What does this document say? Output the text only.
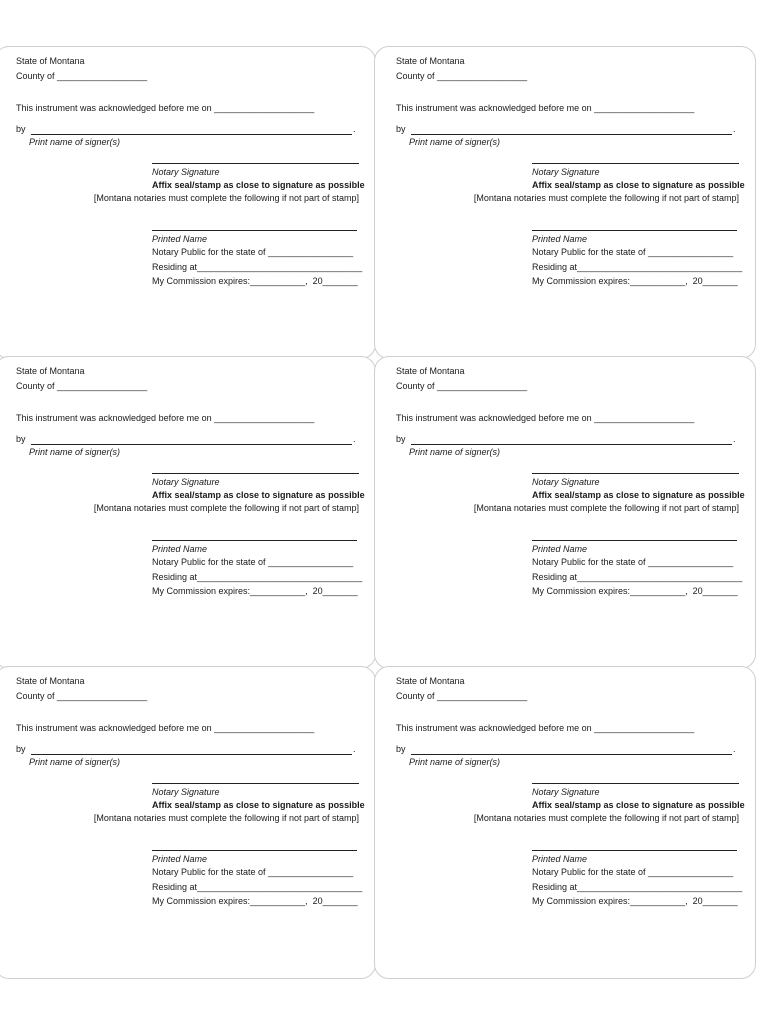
State of Montana
County of __________________
This instrument was acknowledged before me on ____________________
by	.
Print name of signer(s)
Notary Signature
Affix seal/stamp as close to signature as possible
[Montana notaries must complete the following if not part of stamp]
Printed Name
Notary Public for the state of _________________
Residing at_________________________________
My Commission expires:___________,  20_______
State of Montana
County of __________________
This instrument was acknowledged before me on ____________________
by	.
Print name of signer(s)
Notary Signature
Affix seal/stamp as close to signature as possible
[Montana notaries must complete the following if not part of stamp]
Printed Name
Notary Public for the state of _________________
Residing at_________________________________
My Commission expires:___________,  20_______
State of Montana
County of __________________
This instrument was acknowledged before me on ____________________
by	.
Print name of signer(s)
Notary Signature
Affix seal/stamp as close to signature as possible
[Montana notaries must complete the following if not part of stamp]
Printed Name
Notary Public for the state of _________________
Residing at_________________________________
My Commission expires:___________,  20_______
State of Montana
County of __________________
This instrument was acknowledged before me on ____________________
by	.
Print name of signer(s)
Notary Signature
Affix seal/stamp as close to signature as possible
[Montana notaries must complete the following if not part of stamp]
Printed Name
Notary Public for the state of _________________
Residing at_________________________________
My Commission expires:___________,  20_______
State of Montana
County of __________________
This instrument was acknowledged before me on ____________________
by	.
Print name of signer(s)
Notary Signature
Affix seal/stamp as close to signature as possible
[Montana notaries must complete the following if not part of stamp]
Printed Name
Notary Public for the state of _________________
Residing at_________________________________
My Commission expires:___________,  20_______
State of Montana
County of __________________
This instrument was acknowledged before me on ____________________
by	.
Print name of signer(s)
Notary Signature
Affix seal/stamp as close to signature as possible
[Montana notaries must complete the following if not part of stamp]
Printed Name
Notary Public for the state of _________________
Residing at_________________________________
My Commission expires:___________,  20_______
